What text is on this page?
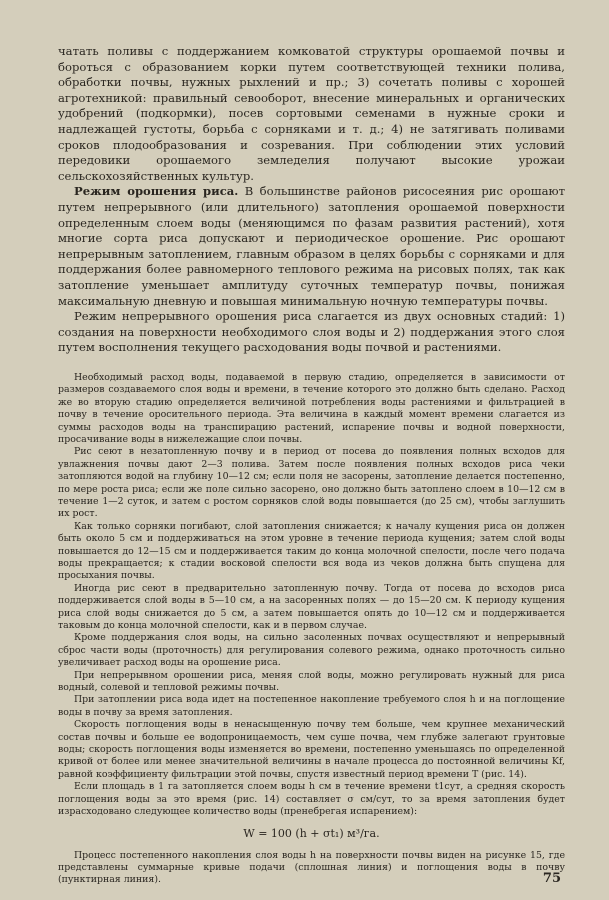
чатать поливы с поддержанием комковатой структуры орошаемой почвы и бороться с образованием корки путем соответствующей техники полива, обработки почвы, нужных рыхлений и пр.; 3) сочетать поливы с хорошей агротехникой: правильный севооборот, внесение минеральных и органических удобрений (подкормки), посев сортовыми семенами в нужные сроки и надлежащей густоты, борьба с сорняками и т. д.; 4) не затягивать поливами сроков плодообразования и созревания. При соблюдении этих условий передовики орошаемого земледелия получают высокие урожаи сельскохозяйственных культур.

Режим орошения риса. В большинстве районов рисосеяния рис орошают путем непрерывного (или длительного) затопления орошаемой поверхности определенным слоем воды (меняющимся по фазам развития растений), хотя многие сорта риса допускают и периодическое орошение. Рис орошают непрерывным затоплением, главным образом в целях борьбы с сорняками и для поддержания более равномерного теплового режима на рисовых полях, так как затопление уменьшает амплитуду суточных температур почвы, понижая максимальную дневную и повышая минимальную ночную температуры почвы.

Режим непрерывного орошения риса слагается из двух основных стадий: 1) создания на поверхности необходимого слоя воды и 2) поддержания этого слоя путем восполнения текущего расходования воды почвой и растениями.

Необходимый расход воды, подаваемой в первую стадию, определяется в зависимости от размеров создаваемого слоя воды и времени, в течение которого это должно быть сделано. Расход же во вторую стадию определяется величиной потребления воды растениями и фильтрацией в почву в течение оросительного периода. Эта величина в каждый момент времени слагается из суммы расходов воды на транспирацию растений, испарение почвы и водной поверхности, просачивание воды в нижележащие слои почвы.

Рис сеют в незатопленную почву и в период от посева до появления полных всходов для увлажнения почвы дают 2—3 полива. Затем после появления полных всходов риса чеки затопляются водой на глубину 10—12 см; если поля не засорены, затопление делается постепенно, по мере роста риса; если же поле сильно засорено, оно должно быть затоплено слоем в 10—12 см в течение 1—2 суток, и затем с ростом сорняков слой воды повышается (до 25 см), чтобы заглушить их рост.

Как только сорняки погибают, слой затопления снижается; к началу кущения риса он должен быть около 5 см и поддерживаться на этом уровне в течение периода кущения; затем слой воды повышается до 12—15 см и поддерживается таким до конца молочной спелости, после чего подача воды прекращается; к стадии восковой спелости вся вода из чеков должна быть спущена для просыхания почвы.

Иногда рис сеют в предварительно затопленную почву. Тогда от посева до всходов риса поддерживается слой воды в 5—10 см, а на засоренных полях — до 15—20 см. К периоду кущения риса слой воды снижается до 5 см, а затем повышается опять до 10—12 см и поддерживается таковым до конца молочной спелости, как и в первом случае.

Кроме поддержания слоя воды, на сильно засоленных почвах осуществляют и непрерывный сброс части воды (проточность) для регулирования солевого режима, однако проточность сильно увеличивает расход воды на орошение риса.

При непрерывном орошении риса, меняя слой воды, можно регулировать нужный для риса водный, солевой и тепловой режимы почвы.

При затоплении риса вода идет на постепенное накопление требуемого слоя h и на поглощение воды в почву за время затопления.

Скорость поглощения воды в ненасыщенную почву тем больше, чем крупнее механический состав почвы и больше ее водопроницаемость, чем суше почва, чем глубже залегают грунтовые воды; скорость поглощения воды изменяется во времени, постепенно уменьшаясь по определенной кривой от более или менее значительной величины в начале процесса до постоянной величины Kf, равной коэффициенту фильтрации этой почвы, спустя известный период времени T (рис. 14).

Если площадь в 1 га затопляется слоем воды h см в течение времени t1сут, а средняя скорость поглощения воды за это время (рис. 14) составляет σ см/сут, то за время затопления будет израсходовано следующее количество воды (пренебрегая испарением):

W = 100 (h + σt₁) м³/га.

Процесс постепенного накопления слоя воды h на поверхности почвы виден на рисунке 15, где представлены суммарные кривые подачи (сплошная линия) и поглощения воды в почву (пунктирная линия).	75
